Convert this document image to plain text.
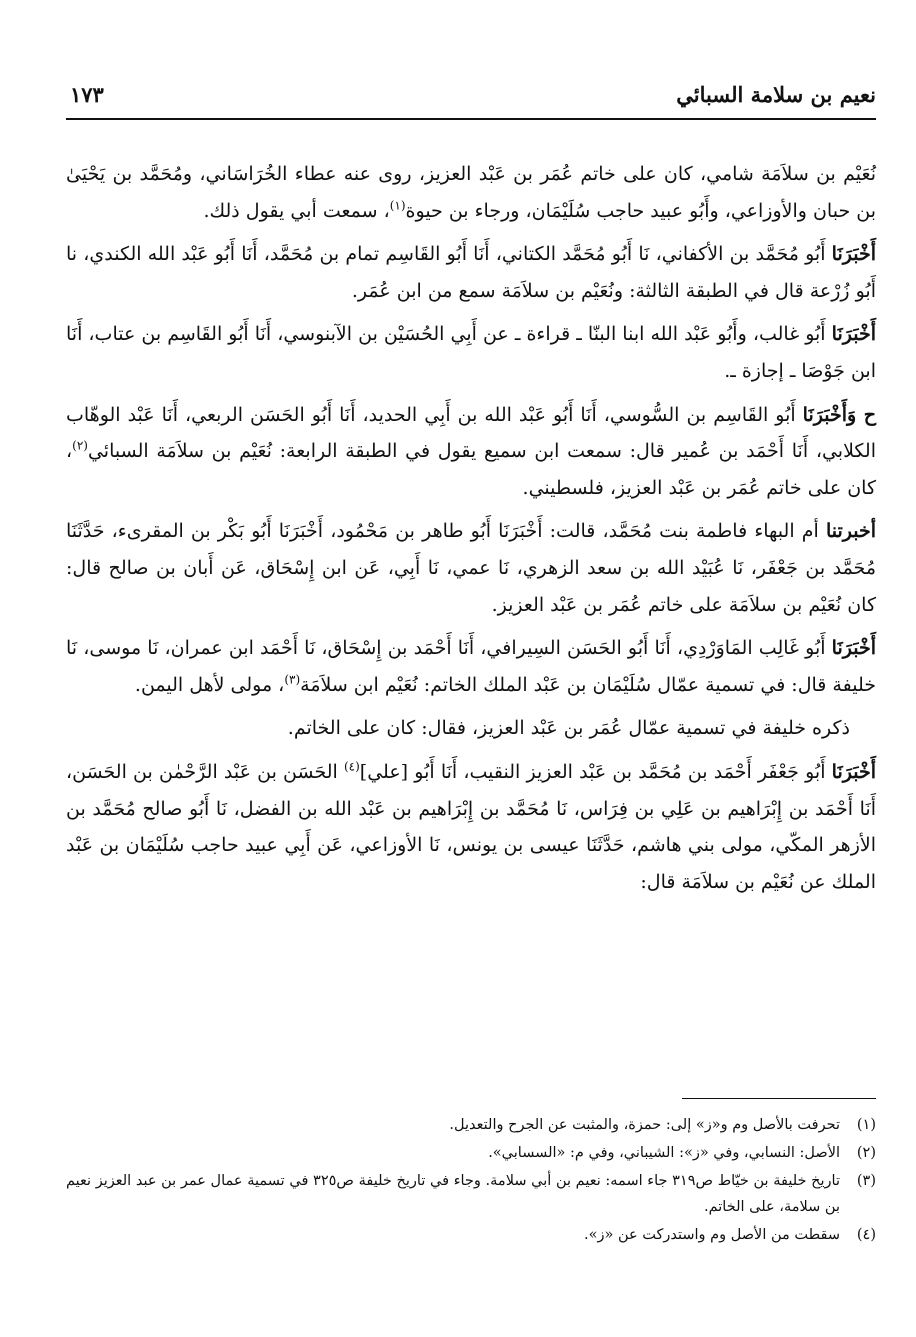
نعيم بن سلامة السبائي
١٧٣

نُعَيْم بن سلاَمَة شامي، كان على خاتم عُمَر بن عَبْد العزيز، روى عنه عطاء الخُرَاسَاني، ومُحَمَّد بن يَحْيَىٰ بن حبان والأوزاعي، وأَبُو عبيد حاجب سُلَيْمَان، ورجاء بن حيوة$^{(١)}$، سمعت أبي يقول ذلك.

أَخْبَرَنَا أَبُو مُحَمَّد بن الأكفاني، نَا أَبُو مُحَمَّد الكتاني، أَنَا أَبُو القَاسِم تمام بن مُحَمَّد، أَنَا أَبُو عَبْد الله الكندي، نا أَبُو زُرْعة قال في الطبقة الثالثة: ونُعَيْم بن سلاَمَة سمع من ابن عُمَر.

أَخْبَرَنَا أَبُو غالب، وأَبُو عَبْد الله ابنا البنّا ـ قراءة ـ عن أَبِي الحُسَيْن بن الآبنوسي، أَنَا أَبُو القَاسِم بن عتاب، أَنَا ابن جَوْصَا ـ إجازة ـ.

ح وَأَخْبَرَنَا أَبُو القَاسِم بن السُّوسي، أَنَا أَبُو عَبْد الله بن أَبِي الحديد، أَنَا أَبُو الحَسَن الربعي، أَنَا عَبْد الوهّاب الكلابي، أَنَا أَحْمَد بن عُمير قال: سمعت ابن سميع يقول في الطبقة الرابعة: نُعَيْم بن سلاَمَة السبائي$^{(٢)}$، كان على خاتم عُمَر بن عَبْد العزيز، فلسطيني.

أخبرتنا أم البهاء فاطمة بنت مُحَمَّد، قالت: أَخْبَرَنَا أَبُو طاهر بن مَحْمُود، أَخْبَرَنَا أَبُو بَكْر بن المقرىء، حَدَّثَنَا مُحَمَّد بن جَعْفَر، نَا عُبَيْد الله بن سعد الزهري، نَا عمي، نَا أَبِي، عَن ابن إِسْحَاق، عَن أَبان بن صالح قال: كان نُعَيْم بن سلاَمَة على خاتم عُمَر بن عَبْد العزيز.

أَخْبَرَنَا أَبُو غَالِب المَاوَرْدِي، أَنَا أَبُو الحَسَن السِيرافي، أَنَا أَحْمَد بن إِسْحَاق، نَا أَحْمَد ابن عمران، نَا موسى، نَا خليفة قال: في تسمية عمّال سُلَيْمَان بن عَبْد الملك الخاتم: نُعَيْم ابن سلاَمَة$^{(٣)}$، مولى لأهل اليمن.

ذكره خليفة في تسمية عمّال عُمَر بن عَبْد العزيز، فقال: كان على الخاتم.

أَخْبَرَنَا أَبُو جَعْفَر أَحْمَد بن مُحَمَّد بن عَبْد العزيز النقيب، أَنَا أَبُو [علي]$^{(٤)}$ الحَسَن بن عَبْد الرَّحْمٰن بن الحَسَن، أَنَا أَحْمَد بن إِبْرَاهيم بن عَلِي بن فِرَاس، نَا مُحَمَّد بن إِبْرَاهيم بن عَبْد الله بن الفضل، نَا أَبُو صالح مُحَمَّد بن الأزهر المكّي، مولى بني هاشم، حَدَّثَنَا عيسى بن يونس، نَا الأوزاعي، عَن أَبِي عبيد حاجب سُلَيْمَان بن عَبْد الملك عن نُعَيْم بن سلاَمَة قال:

(١)
تحرفت بالأصل وم و«ز» إلى: حمزة، والمثبت عن الجرح والتعديل.
(٢)
الأصل: النسابي، وفي «ز»: الشيباني، وفي م: «السسابي».
(٣)
تاريخ خليفة بن خيّاط ص٣١٩ جاء اسمه: نعيم بن أبي سلامة. وجاء في تاريخ خليفة ص٣٢٥ في تسمية عمال عمر بن عبد العزيز نعيم بن سلامة، على الخاتم.
(٤)
سقطت من الأصل وم واستدركت عن «ز».
